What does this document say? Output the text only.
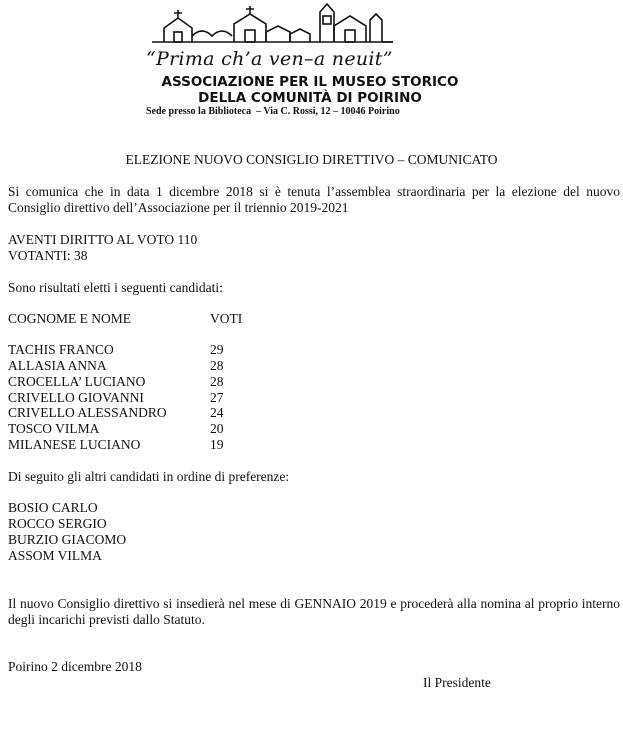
“Prima ch’a ven–a neuit”
ASSOCIAZIONE PER IL MUSEO STORICO
DELLA COMUNITÀ DI POIRINO
Sede presso la Biblioteca  – Via C. Rossi, 12 – 10046 Poirino
ELEZIONE NUOVO CONSIGLIO DIRETTIVO – COMUNICATO
Si comunica che in data 1 dicembre 2018 si è tenuta l’assemblea straordinaria per la elezione del nuovo Consiglio direttivo dell’Associazione per il triennio 2019-2021
AVENTI DIRITTO AL VOTO 110
VOTANTI: 38
Sono risultati eletti i seguenti candidati:
COGNOME E NOME	VOTI
TACHIS FRANCO	29
ALLASIA ANNA	28
CROCELLA’ LUCIANO	28
CRIVELLO GIOVANNI	27
CRIVELLO ALESSANDRO	24
TOSCO VILMA	20
MILANESE LUCIANO	19
Di seguito gli altri candidati in ordine di preferenze:
BOSIO CARLO
ROCCO SERGIO
BURZIO GIACOMO
ASSOM VILMA
Il nuovo Consiglio direttivo si insedierà nel mese di GENNAIO 2019 e procederà alla nomina al proprio interno degli incarichi previsti dallo Statuto.
Poirino 2 dicembre 2018
Il Presidente
